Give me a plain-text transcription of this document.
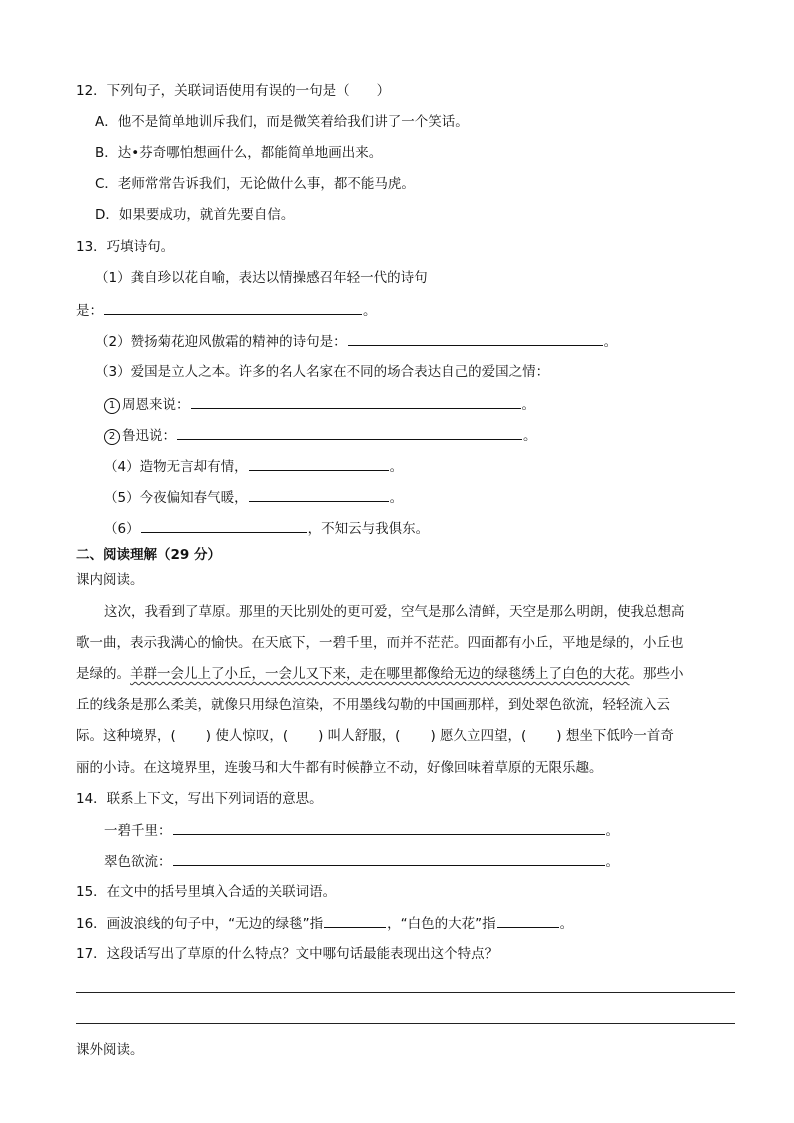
12．下列句子，关联词语使用有误的一句是（　　）
A．他不是简单地训斥我们，而是微笑着给我们讲了一个笑话。
B．达•芬奇哪怕想画什么，都能简单地画出来。
C．老师常常告诉我们，无论做什么事，都不能马虎。
D．如果要成功，就首先要自信。
13．巧填诗句。
（1）龚自珍以花自喻，表达以情操感召年轻一代的诗句
是：	。
（2）赞扬菊花迎风傲霜的精神的诗句是：	。
（3）爱国是立人之本。许多的名人名家在不同的场合表达自己的爱国之情：
1 周恩来说：	。
2 鲁迅说：	。
（4）造物无言却有情，	。
（5）今夜偏知春气暖，	。
（6）	，不知云与我俱东。
二、阅读理解（29 分）
课内阅读。
这次，我看到了草原。那里的天比别处的更可爱，空气是那么清鲜，天空是那么明朗，使我总想高
歌一曲，表示我满心的愉快。在天底下，一碧千里，而并不茫茫。四面都有小丘，平地是绿的，小丘也
是绿的。羊群一会儿上了小丘，一会儿又下来，走在哪里都像给无边的绿毯绣上了白色的大花。那些小
丘的线条是那么柔美，就像只用绿色渲染，不用墨线勾勒的中国画那样，到处翠色欲流，轻轻流入云
际。这种境界，( ) 使人惊叹，( ) 叫人舒服，( ) 愿久立四望，( ) 想坐下低吟一首奇
丽的小诗。在这境界里，连骏马和大牛都有时候静立不动，好像回味着草原的无限乐趣。
14．联系上下文，写出下列词语的意思。
一碧千里：	。
翠色欲流：	。
15．在文中的括号里填入合适的关联词语。
16．画波浪线的句子中，“无边的绿毯”指	，“白色的大花”指	。
17．这段话写出了草原的什么特点？文中哪句话最能表现出这个特点？
课外阅读。
